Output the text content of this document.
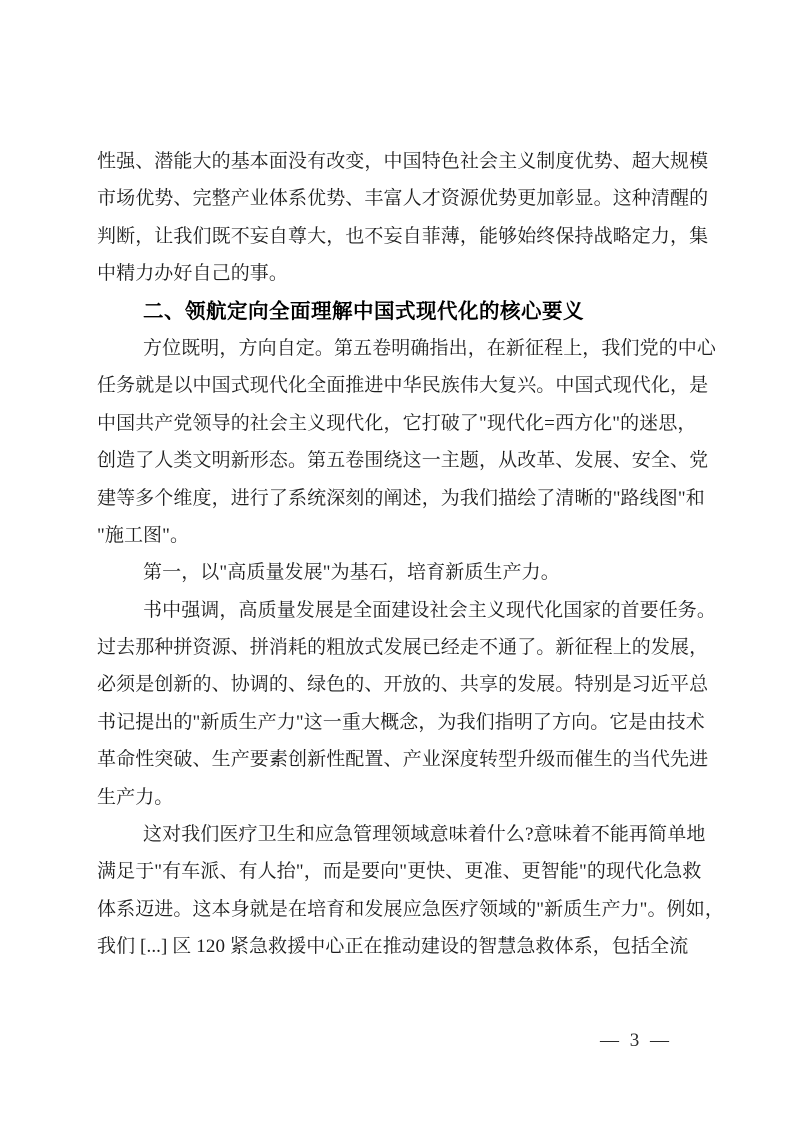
性强、潜能大的基本面没有改变，中国特色社会主义制度优势、超大规模
市场优势、完整产业体系优势、丰富人才资源优势更加彰显。这种清醒的
判断，让我们既不妄自尊大，也不妄自菲薄，能够始终保持战略定力，集
中精力办好自己的事。
二、领航定向全面理解中国式现代化的核心要义
方位既明，方向自定。第五卷明确指出，在新征程上，我们党的中心
任务就是以中国式现代化全面推进中华民族伟大复兴。中国式现代化，是
中国共产党领导的社会主义现代化，它打破了"现代化=西方化"的迷思，
创造了人类文明新形态。第五卷围绕这一主题，从改革、发展、安全、党
建等多个维度，进行了系统深刻的阐述，为我们描绘了清晰的"路线图"和
"施工图"。
第一，以"高质量发展"为基石，培育新质生产力。
书中强调，高质量发展是全面建设社会主义现代化国家的首要任务。
过去那种拼资源、拼消耗的粗放式发展已经走不通了。新征程上的发展，
必须是创新的、协调的、绿色的、开放的、共享的发展。特别是习近平总
书记提出的"新质生产力"这一重大概念，为我们指明了方向。它是由技术
革命性突破、生产要素创新性配置、产业深度转型升级而催生的当代先进
生产力。
这对我们医疗卫生和应急管理领域意味着什么?意味着不能再简单地
满足于"有车派、有人抬"，而是要向"更快、更准、更智能"的现代化急救
体系迈进。这本身就是在培育和发展应急医疗领域的"新质生产力"。例如，
我们 [...] 区 120 紧急救援中心正在推动建设的智慧急救体系，包括全流
— 3 —
